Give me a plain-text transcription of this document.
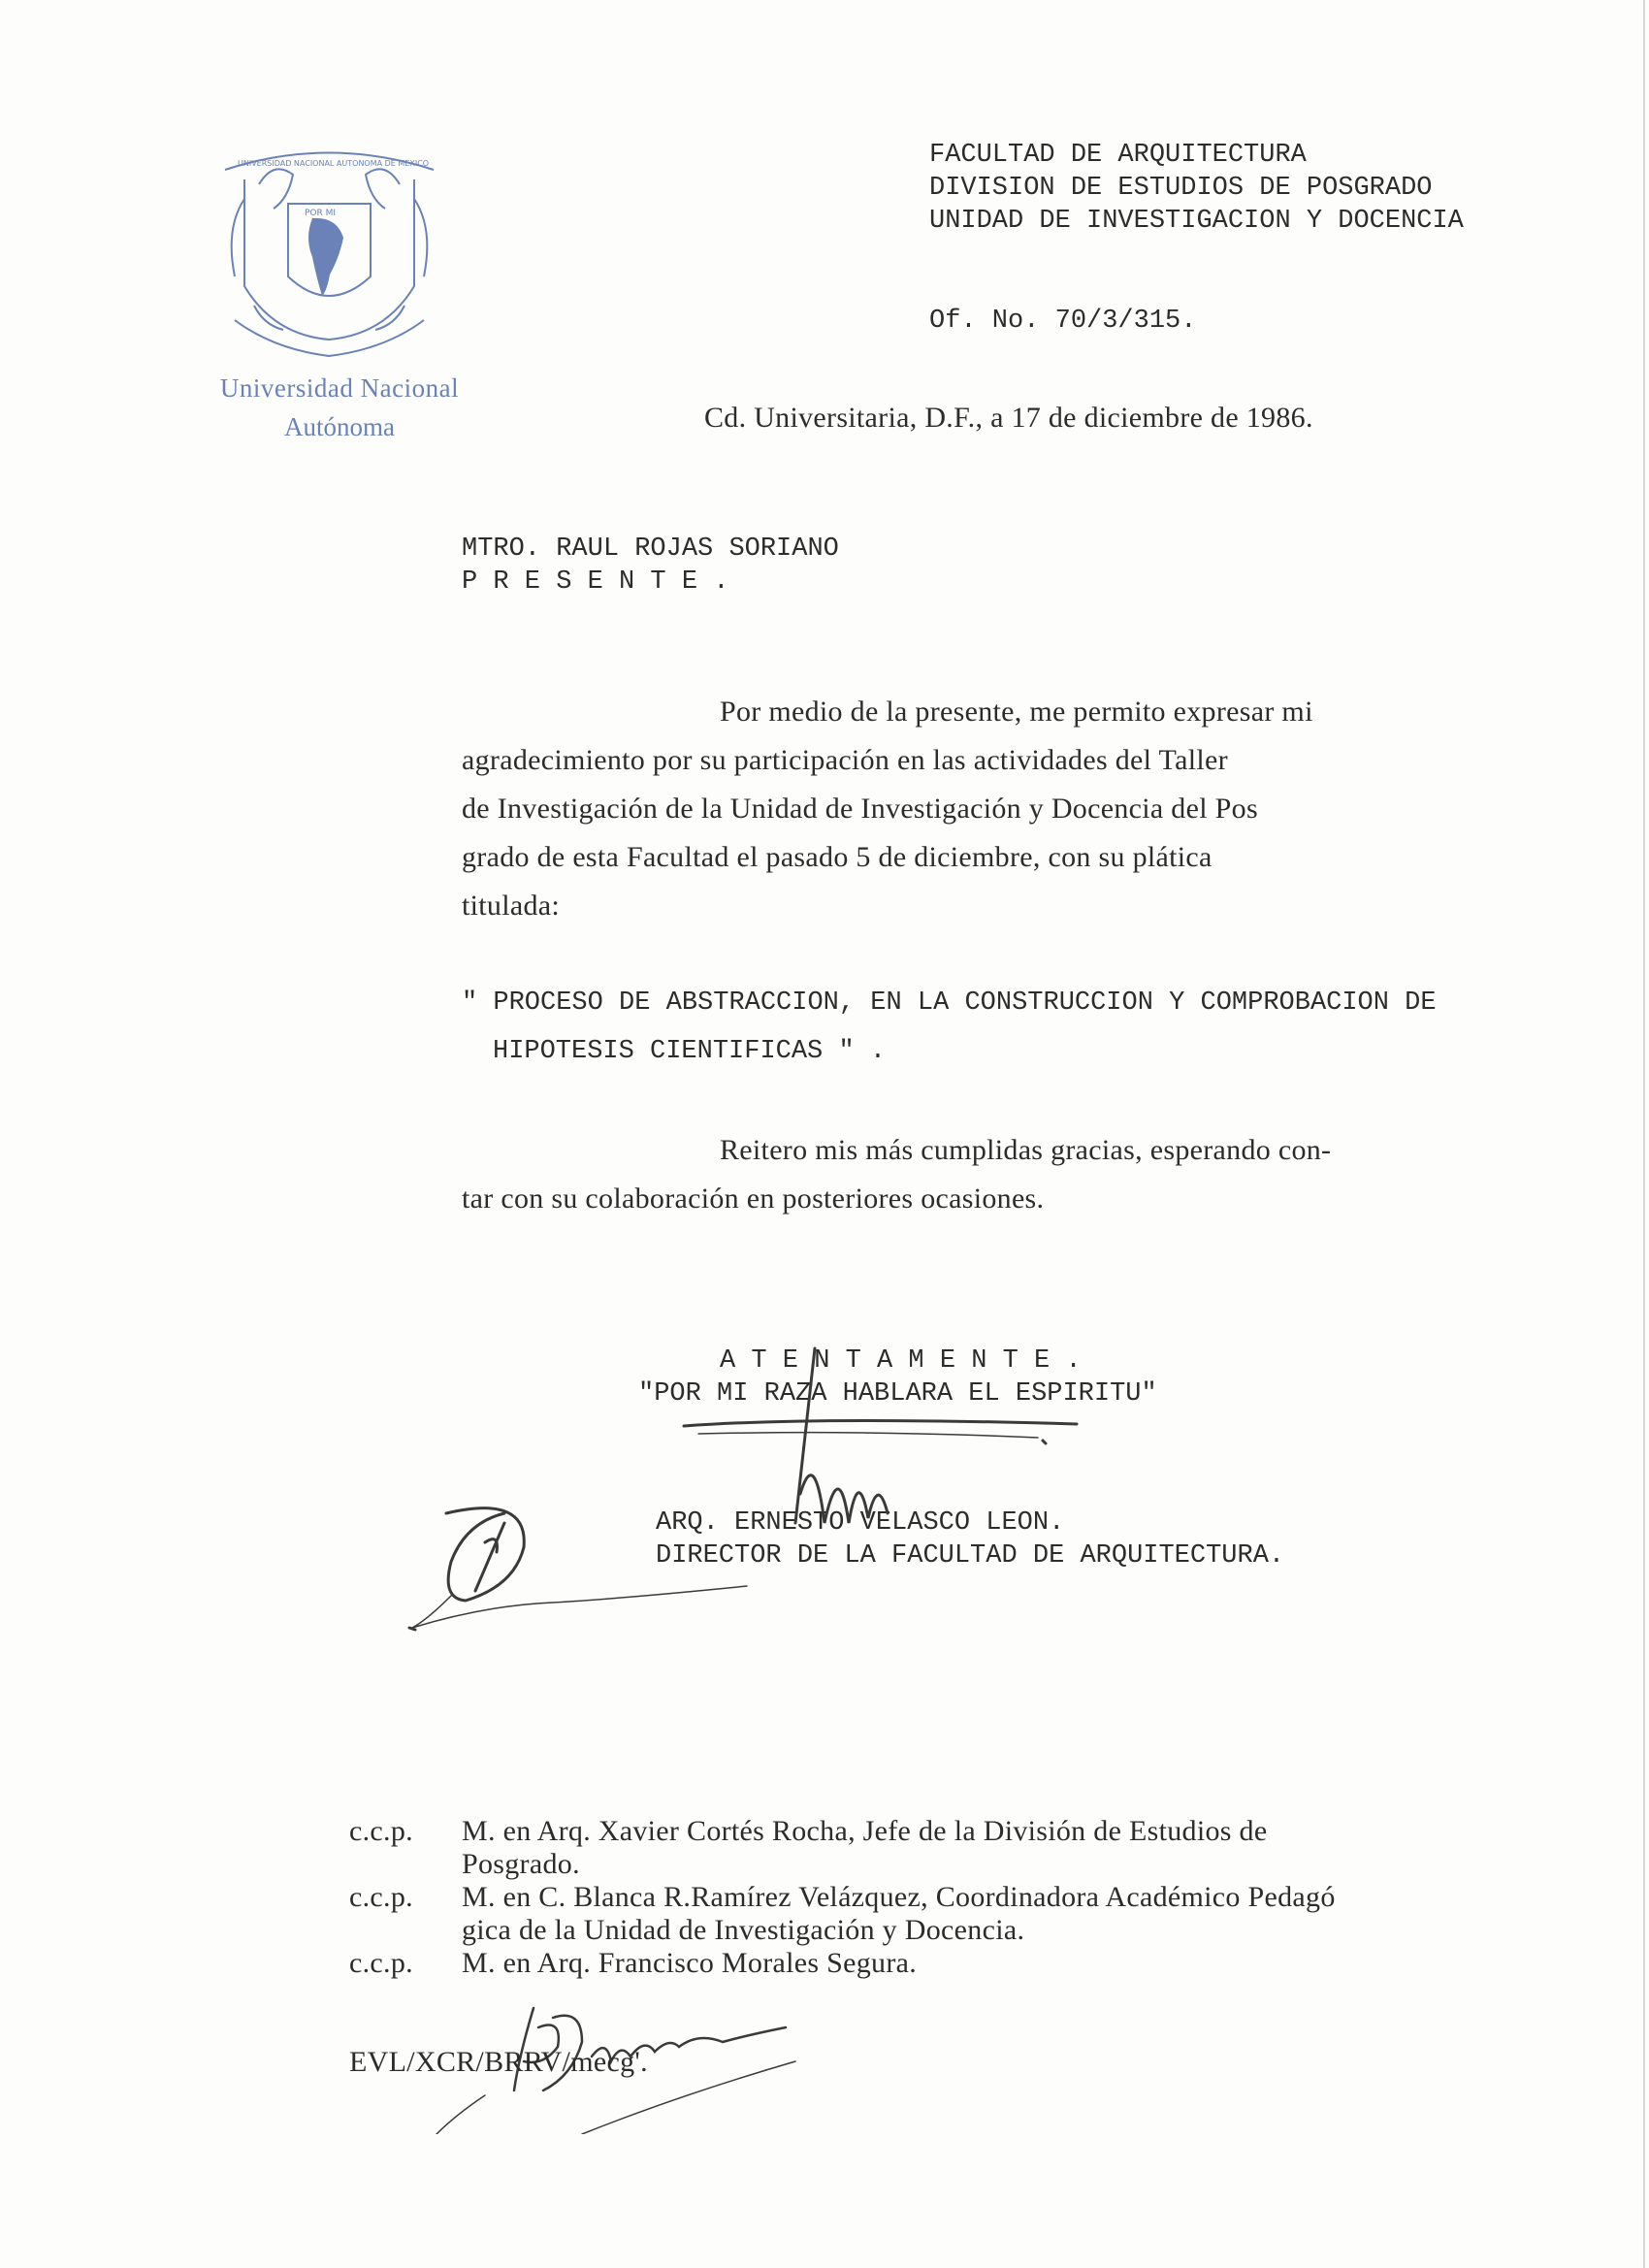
POR MI
UNIVERSIDAD NACIONAL AUTONOMA DE MEXICO
Universidad Nacional
Autónoma
FACULTAD DE ARQUITECTURA
DIVISION DE ESTUDIOS DE POSGRADO
UNIDAD DE INVESTIGACION Y DOCENCIA
Of. No. 70/3/315.
Cd. Universitaria, D.F., a 17 de diciembre de 1986.
MTRO. RAUL ROJAS SORIANO
P R E S E N T E .
Por medio de la presente, me permito expresar mi
agradecimiento por su participación en las actividades del Taller
de Investigación de la Unidad de Investigación y Docencia del Pos
grado de esta Facultad el pasado 5 de diciembre, con su plática
titulada:
" PROCESO DE ABSTRACCION, EN LA CONSTRUCCION Y COMPROBACION DE
HIPOTESIS CIENTIFICAS " .
Reitero mis más cumplidas gracias, esperando con-
tar con su colaboración en posteriores ocasiones.
A T E N T A M E N T E .
"POR MI RAZA HABLARA EL ESPIRITU"
ARQ. ERNESTO VELASCO LEON.
DIRECTOR DE LA FACULTAD DE ARQUITECTURA.
c.c.p. M. en Arq. Xavier Cortés Rocha, Jefe de la División de Estudios de
Posgrado.
c.c.p. M. en C. Blanca R.Ramírez Velázquez, Coordinadora Académico Pedagó
gica de la Unidad de Investigación y Docencia.
c.c.p. M. en Arq. Francisco Morales Segura.
EVL/XCR/BRRV/mecg'.
